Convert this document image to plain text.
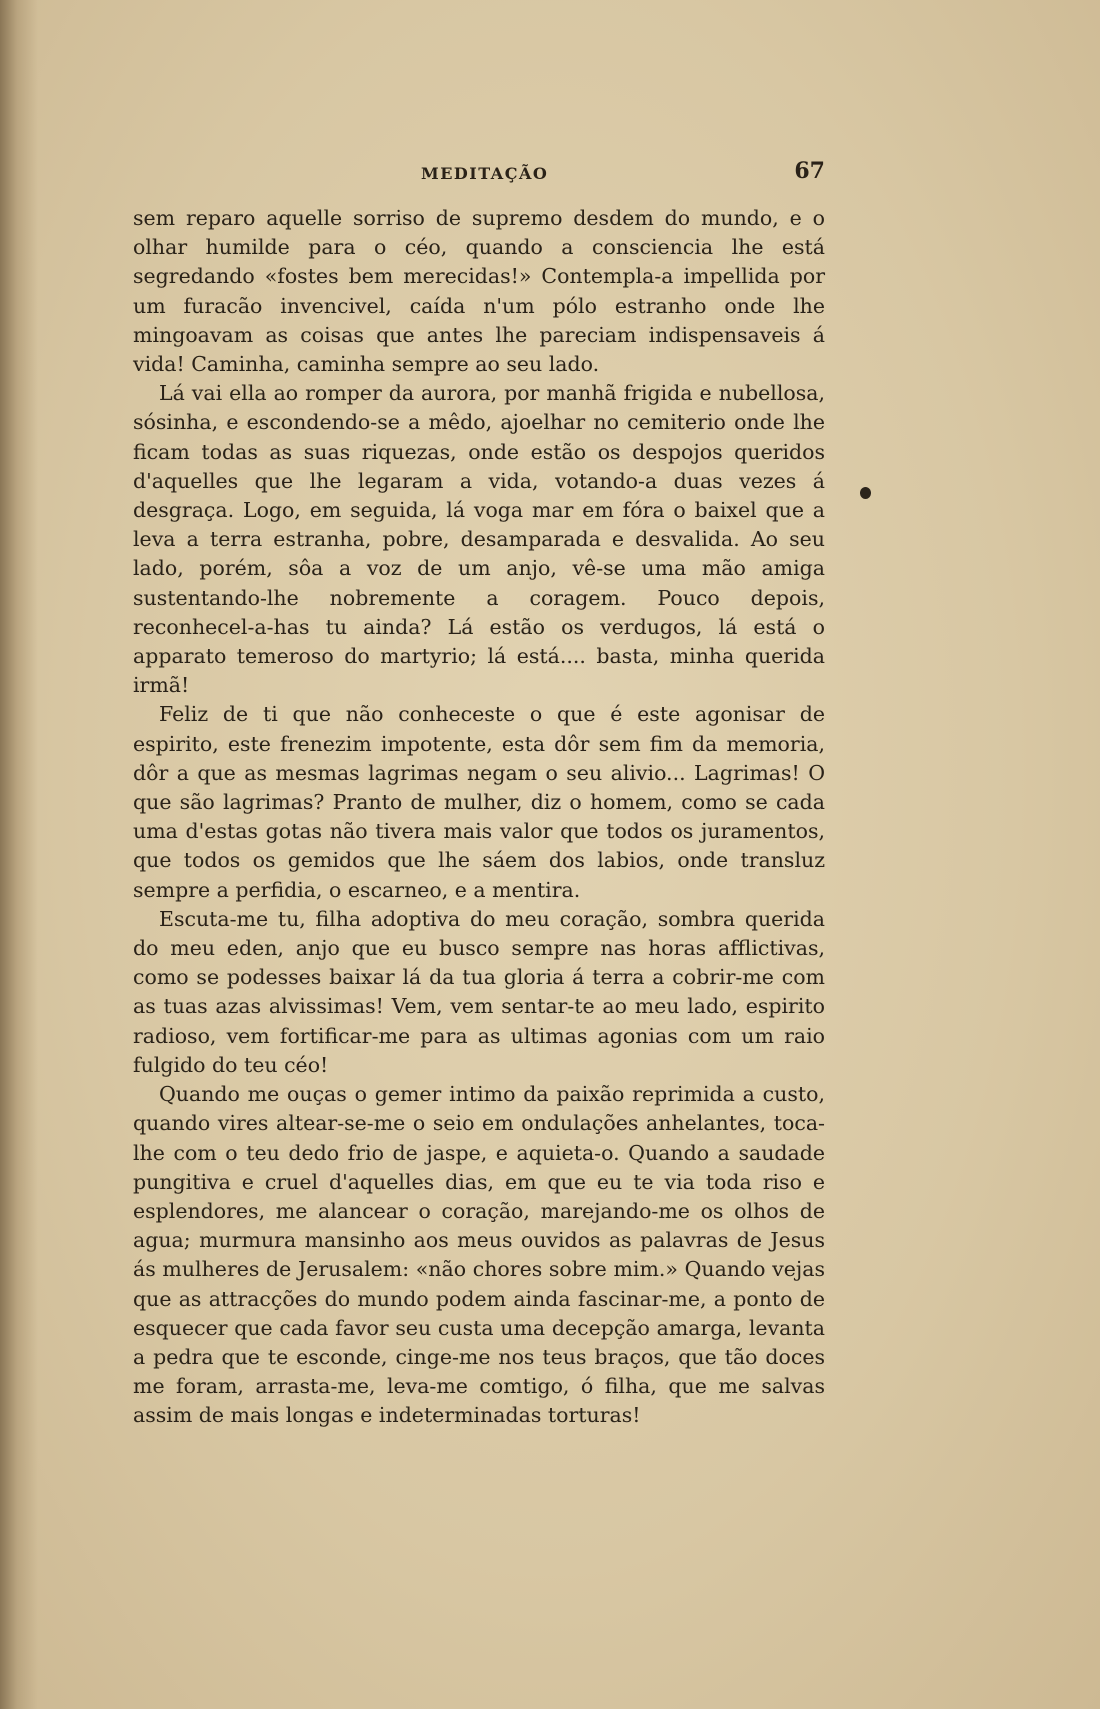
MEDITAÇÃO	67

sem reparo aquelle sorriso de supremo desdem do mundo, e o olhar humilde para o céo, quando a consciencia lhe está segredando «fostes bem merecidas!» Contempla-a impellida por um furacão invencivel, caída n'um pólo estranho onde lhe mingoavam as coisas que antes lhe pareciam indispensaveis á vida! Caminha, caminha sempre ao seu lado.

Lá vai ella ao romper da aurora, por manhã frigida e nubellosa, sósinha, e escondendo-se a mêdo, ajoelhar no cemiterio onde lhe ficam todas as suas riquezas, onde estão os despojos queridos d'aquelles que lhe legaram a vida, votando-a duas vezes á desgraça. Logo, em seguida, lá voga mar em fóra o baixel que a leva a terra estranha, pobre, desamparada e desvalida. Ao seu lado, porém, sôa a voz de um anjo, vê-se uma mão amiga sustentando-lhe nobremente a coragem. Pouco depois, reconhecel-a-has tu ainda? Lá estão os verdugos, lá está o apparato temeroso do martyrio; lá está.... basta, minha querida irmã!

Feliz de ti que não conheceste o que é este agonisar de espirito, este frenezim impotente, esta dôr sem fim da memoria, dôr a que as mesmas lagrimas negam o seu alivio... Lagrimas! O que são lagrimas? Pranto de mulher, diz o homem, como se cada uma d'estas gotas não tivera mais valor que todos os juramentos, que todos os gemidos que lhe sáem dos labios, onde transluz sempre a perfidia, o escarneo, e a mentira.

Escuta-me tu, filha adoptiva do meu coração, sombra querida do meu eden, anjo que eu busco sempre nas horas afflictivas, como se podesses baixar lá da tua gloria á terra a cobrir-me com as tuas azas alvissimas! Vem, vem sentar-te ao meu lado, espirito radioso, vem fortificar-me para as ultimas agonias com um raio fulgido do teu céo!

Quando me ouças o gemer intimo da paixão reprimida a custo, quando vires altear-se-me o seio em ondulações anhelantes, toca-lhe com o teu dedo frio de jaspe, e aquieta-o. Quando a saudade pungitiva e cruel d'aquelles dias, em que eu te via toda riso e esplendores, me alancear o coração, marejando-me os olhos de agua; murmura mansinho aos meus ouvidos as palavras de Jesus ás mulheres de Jerusalem: «não chores sobre mim.» Quando vejas que as attracções do mundo podem ainda fascinar-me, a ponto de esquecer que cada favor seu custa uma decepção amarga, levanta a pedra que te esconde, cinge-me nos teus braços, que tão doces me foram, arrasta-me, leva-me comtigo, ó filha, que me salvas assim de mais longas e indeterminadas torturas!
